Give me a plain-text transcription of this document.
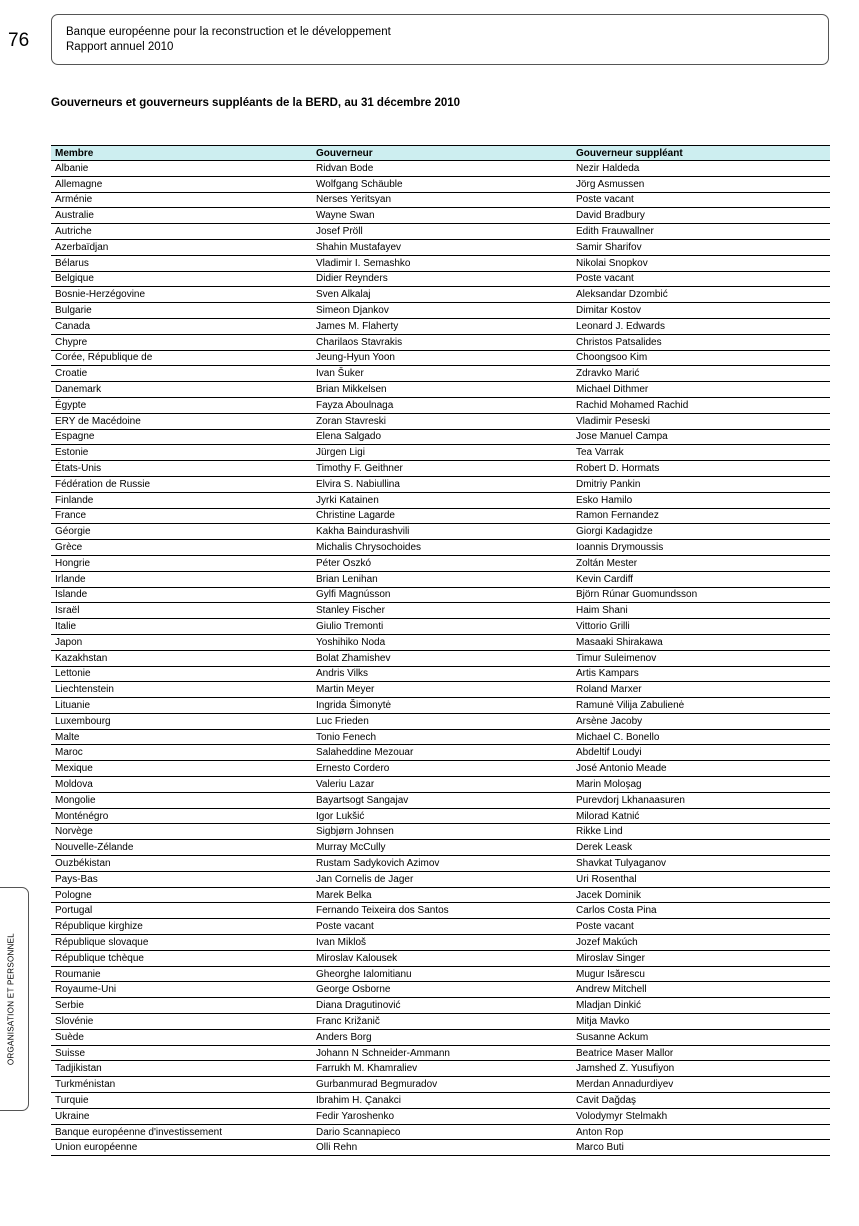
76	Banque européenne pour la reconstruction et le développement
Rapport annuel 2010
Gouverneurs et gouverneurs suppléants de la BERD, au 31 décembre 2010
Membre	Gouverneur	Gouverneur suppléant
Albanie	Ridvan Bode	Nezir Haldeda
Allemagne	Wolfgang Schäuble	Jörg Asmussen
Arménie	Nerses Yeritsyan	Poste vacant
Australie	Wayne Swan	David Bradbury
Autriche	Josef Pröll	Edith Frauwallner
Azerbaïdjan	Shahin Mustafayev	Samir Sharifov
Bélarus	Vladimir I. Semashko	Nikolai Snopkov
Belgique	Didier Reynders	Poste vacant
Bosnie-Herzégovine	Sven Alkalaj	Aleksandar Dzombić
Bulgarie	Simeon Djankov	Dimitar Kostov
Canada	James M. Flaherty	Leonard J. Edwards
Chypre	Charilaos Stavrakis	Christos Patsalides
Corée, République de	Jeung-Hyun Yoon	Choongsoo Kim
Croatie	Ivan Šuker	Zdravko Marić
Danemark	Brian Mikkelsen	Michael Dithmer
Égypte	Fayza Aboulnaga	Rachid Mohamed Rachid
ERY de Macédoine	Zoran Stavreski	Vladimir Peseski
Espagne	Elena Salgado	Jose Manuel Campa
Estonie	Jürgen Ligi	Tea Varrak
États-Unis	Timothy F. Geithner	Robert D. Hormats
Fédération de Russie	Elvira S. Nabiullina	Dmitriy Pankin
Finlande	Jyrki Katainen	Esko Hamilo
France	Christine Lagarde	Ramon Fernandez
Géorgie	Kakha Baindurashvili	Giorgi Kadagidze
Grèce	Michalis Chrysochoides	Ioannis Drymoussis
Hongrie	Péter Oszkó	Zoltán Mester
Irlande	Brian Lenihan	Kevin Cardiff
Islande	Gylfi Magnússon	Björn Rúnar Guomundsson
Israël	Stanley Fischer	Haim Shani
Italie	Giulio Tremonti	Vittorio Grilli
Japon	Yoshihiko Noda	Masaaki Shirakawa
Kazakhstan	Bolat Zhamishev	Timur Suleimenov
Lettonie	Andris Vilks	Artis Kampars
Liechtenstein	Martin Meyer	Roland Marxer
Lituanie	Ingrida Šimonytė	Ramunė Vilija Zabulienė
Luxembourg	Luc Frieden	Arsène Jacoby
Malte	Tonio Fenech	Michael C. Bonello
Maroc	Salaheddine Mezouar	Abdeltif Loudyi
Mexique	Ernesto Cordero	José Antonio Meade
Moldova	Valeriu Lazar	Marin Moloşag
Mongolie	Bayartsogt Sangajav	Purevdorj Lkhanaasuren
Monténégro	Igor Lukšić	Milorad Katnić
Norvège	Sigbjørn Johnsen	Rikke Lind
Nouvelle-Zélande	Murray McCully	Derek Leask
Ouzbékistan	Rustam Sadykovich Azimov	Shavkat Tulyaganov
Pays-Bas	Jan Cornelis de Jager	Uri Rosenthal
Pologne	Marek Belka	Jacek Dominik
Portugal	Fernando Teixeira dos Santos	Carlos Costa Pina
République kirghize	Poste vacant	Poste vacant
République slovaque	Ivan Mikloš	Jozef Makúch
République tchèque	Miroslav Kalousek	Miroslav Singer
Roumanie	Gheorghe Ialomitianu	Mugur Isărescu
Royaume-Uni	George Osborne	Andrew Mitchell
Serbie	Diana Dragutinović	Mladjan Dinkić
Slovénie	Franc Križanič	Mitja Mavko
Suède	Anders Borg	Susanne Ackum
Suisse	Johann N Schneider-Ammann	Beatrice Maser Mallor
Tadjikistan	Farrukh M. Khamraliev	Jamshed Z. Yusufiyon
Turkménistan	Gurbanmurad Begmuradov	Merdan Annadurdiyev
Turquie	Ibrahim H. Çanakci	Cavit Dağdaş
Ukraine	Fedir Yaroshenko	Volodymyr Stelmakh
Banque européenne d'investissement	Dario Scannapieco	Anton Rop
Union européenne	Olli Rehn	Marco Buti
ORGANISATION ET PERSONNEL
